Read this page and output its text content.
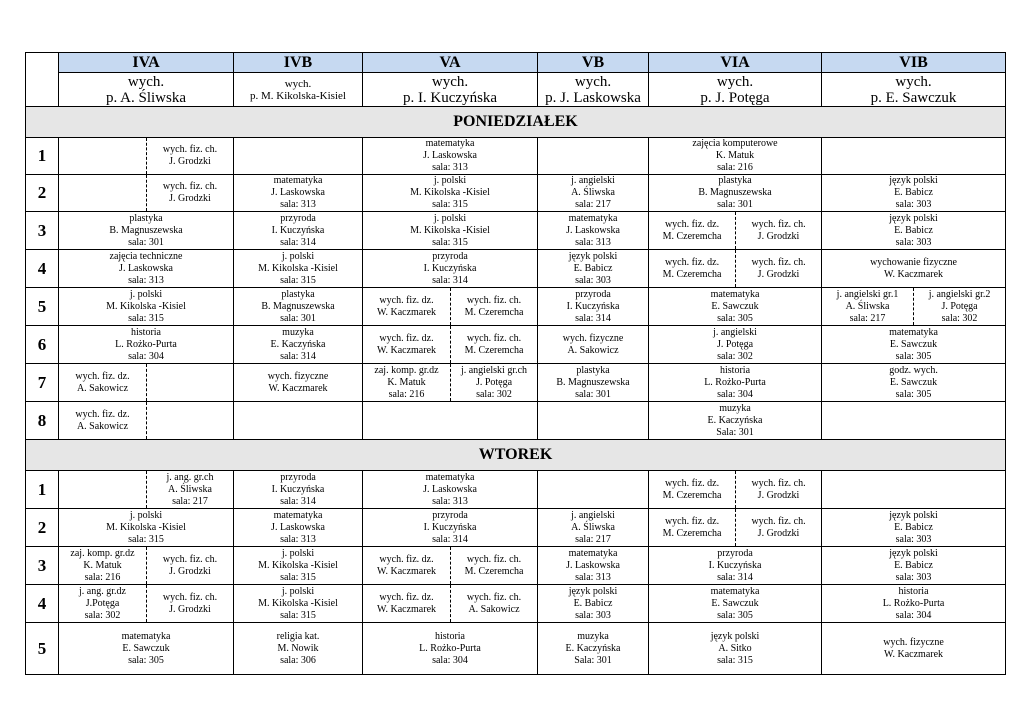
	IVA		IVB	VA		VB	VIA		VIB	

	wych.
p. A. Śliwska		wych.
p. M. Kikolska-Kisiel	wych.
p. I. Kuczyńska		wych.
p. J. Laskowska	wych.
p. J. Potęga		wych.
p. E. Sawczuk	

PONIEDZIAŁEK										
1		wych. fiz. ch.
J. Grodzki		matematyka
J. Laskowska
sala: 313			zajęcia komputerowe
K. Matuk
sala: 216			

2		wych. fiz. ch.
J. Grodzki	matematyka
J. Laskowska
sala: 313	j. polski
M. Kikolska -Kisiel
sala: 315		j. angielski
A. Śliwska
sala: 217	plastyka
B. Magnuszewska
sala: 301		język polski
E. Babicz
sala: 303	

3	plastyka
B. Magnuszewska
sala: 301		przyroda
I. Kuczyńska
sala: 314	j. polski
M. Kikolska -Kisiel
sala: 315		matematyka
J. Laskowska
sala: 313	wych. fiz. dz.
M. Czeremcha	wych. fiz. ch.
J. Grodzki	język polski
E. Babicz
sala: 303	

4	zajęcia techniczne
J. Laskowska
sala: 313		j. polski
M. Kikolska -Kisiel
sala: 315	przyroda
I. Kuczyńska
sala: 314		język polski
E. Babicz
sala: 303	wych. fiz. dz.
M. Czeremcha	wych. fiz. ch.
J. Grodzki	wychowanie fizyczne
W. Kaczmarek	

5	j. polski
M. Kikolska -Kisiel
sala: 315		plastyka
B. Magnuszewska
sala: 301	wych. fiz. dz.
W. Kaczmarek	wych. fiz. ch.
M. Czeremcha	przyroda
I. Kuczyńska
sala: 314	matematyka
E. Sawczuk
sala: 305		j. angielski gr.1
A. Śliwska
sala: 217	j. angielski gr.2
J. Potęga
sala: 302

6	historia
L. Rożko-Purta
sala: 304		muzyka
E. Kaczyńska
sala: 314	wych. fiz. dz.
W. Kaczmarek	wych. fiz. ch.
M. Czeremcha	wych. fizyczne
A. Sakowicz	j. angielski
J. Potęga
sala: 302		matematyka
E. Sawczuk
sala: 305	

7	wych. fiz. dz.
A. Sakowicz		wych. fizyczne
W. Kaczmarek	zaj. komp. gr.dz
K. Matuk
sala: 216	j. angielski gr.ch
J. Potęga
sala: 302	plastyka
B. Magnuszewska
sala: 301	historia
L. Rożko-Purta
sala: 304		godz. wych.
E. Sawczuk
sala: 305	

8	wych. fiz. dz.
A. Sakowicz						muzyka
E. Kaczyńska
Sala: 301			

WTOREK										
1		j. ang. gr.ch
A. Śliwska
sala: 217	przyroda
I. Kuczyńska
sala: 314	matematyka
J. Laskowska
sala: 313			wych. fiz. dz.
M. Czeremcha	wych. fiz. ch.
J. Grodzki		

2	j. polski
M. Kikolska -Kisiel
sala: 315		matematyka
J. Laskowska
sala: 313	przyroda
I. Kuczyńska
sala: 314		j. angielski
A. Śliwska
sala: 217	wych. fiz. dz.
M. Czeremcha	wych. fiz. ch.
J. Grodzki	język polski
E. Babicz
sala: 303	

3	zaj. komp. gr.dz
K. Matuk
sala: 216	wych. fiz. ch.
J. Grodzki	j. polski
M. Kikolska -Kisiel
sala: 315	wych. fiz. dz.
W. Kaczmarek	wych. fiz. ch.
M. Czeremcha	matematyka
J. Laskowska
sala: 313	przyroda
I. Kuczyńska
sala: 314		język polski
E. Babicz
sala: 303	

4	j. ang. gr.dz
J.Potęga
sala: 302	wych. fiz. ch.
J. Grodzki	j. polski
M. Kikolska -Kisiel
sala: 315	wych. fiz. dz.
W. Kaczmarek	wych. fiz. ch.
A. Sakowicz	język polski
E. Babicz
sala: 303	matematyka
E. Sawczuk
sala: 305		historia
L. Rożko-Purta
sala: 304	

5	matematyka
E. Sawczuk
sala: 305		religia kat.
M. Nowik
sala: 306	historia
L. Rożko-Purta
sala: 304		muzyka
E. Kaczyńska
Sala: 301	język polski
A. Sitko
sala: 315		wych. fizyczne
W. Kaczmarek	
